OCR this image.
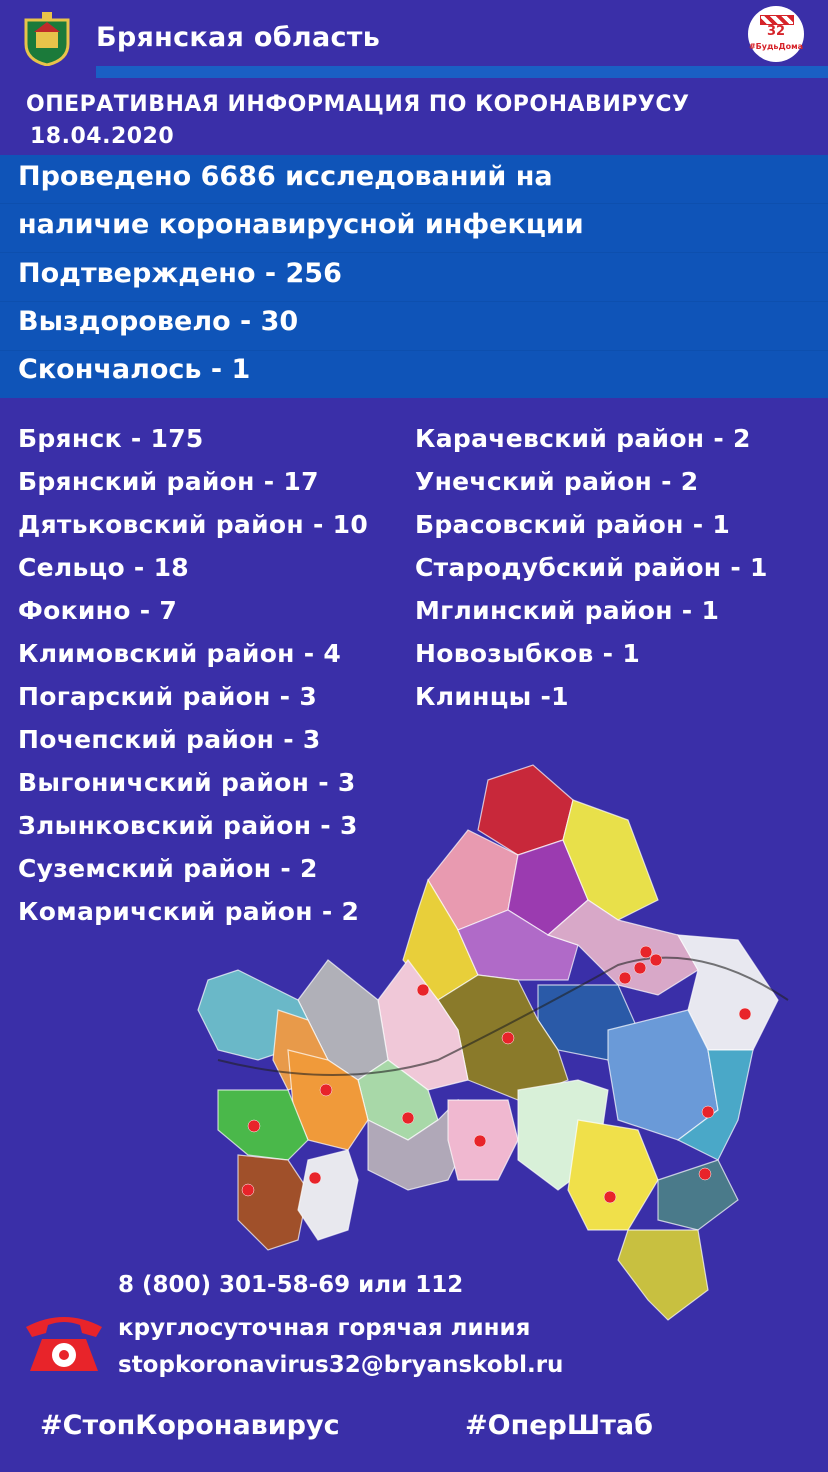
Брянская область	32
#БудьДома
ОПЕРАТИВНАЯ ИНФОРМАЦИЯ ПО КОРОНАВИРУСУ
18.04.2020
Проведено 6686 исследований на
наличие коронавирусной инфекции
Подтверждено - 256
Выздоровело - 30
Скончалось - 1
Брянск - 175
Брянский район - 17
Дятьковский район - 10
Сельцо - 18
Фокино - 7
Климовский район - 4
Погарский район - 3
Почепский район - 3
Выгоничский район - 3
Злынковский район - 3
Суземский район - 2
Комаричский район - 2
Карачевский район - 2
Унечский район - 2
Брасовский район - 1
Стародубский район - 1
Мглинский район - 1
Новозыбков - 1
Клинцы -1
8 (800) 301-58-69 или 112
круглосуточная горячая линия
stopkoronavirus32@bryanskobl.ru
#СтопКоронавирус	#ОперШтаб
